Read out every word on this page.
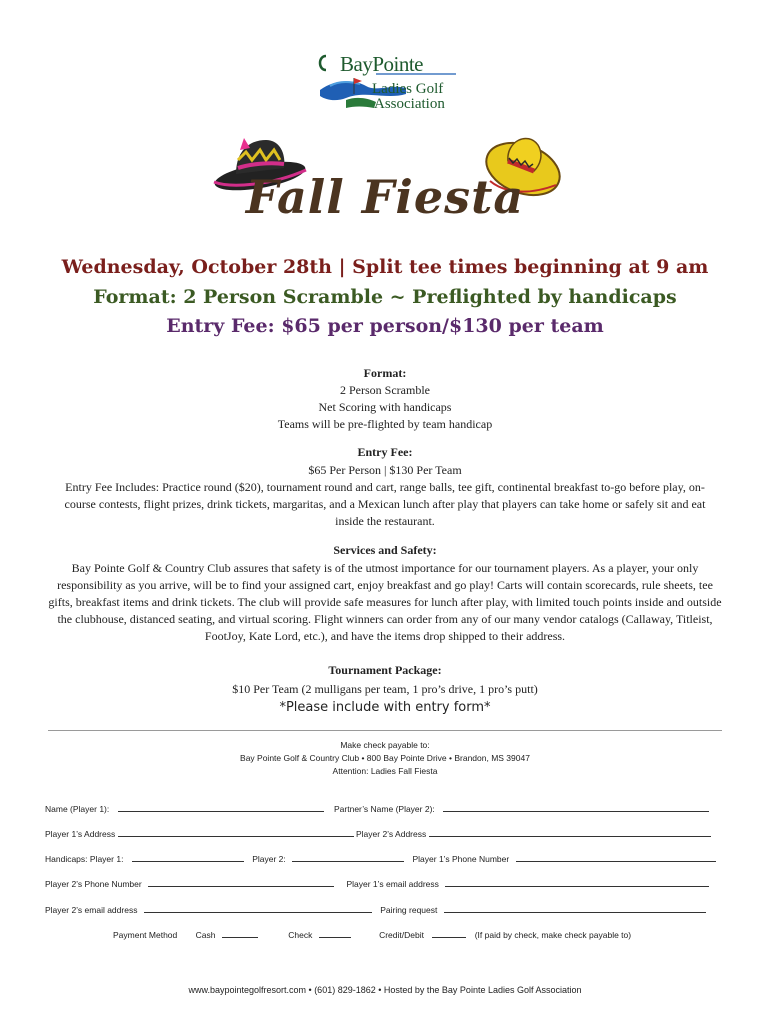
BayPointe
Ladies Golf
Association
Fall Fiesta
Wednesday, October 28th | Split tee times beginning at 9 am
Format: 2 Person Scramble ~ Preflighted by handicaps
Entry Fee: $65 per person/$130 per team
Format:
2 Person Scramble
Net Scoring with handicaps
Teams will be pre-flighted by team handicap
Entry Fee:
$65 Per Person | $130 Per Team
Entry Fee Includes: Practice round ($20), tournament round and cart, range balls, tee gift, continental breakfast to-go before play, on-course contests, flight prizes, drink tickets, margaritas, and a Mexican lunch after play that players can take home or safely sit and eat inside the restaurant.
Services and Safety:
Bay Pointe Golf & Country Club assures that safety is of the utmost importance for our tournament players. As a player, your only responsibility as you arrive, will be to find your assigned cart, enjoy breakfast and go play! Carts will contain scorecards, rule sheets, tee gifts, breakfast items and drink tickets. The club will provide safe measures for lunch after play, with limited touch points inside and outside the clubhouse, distanced seating, and virtual scoring. Flight winners can order from any of our many vendor catalogs (Callaway, Titleist, FootJoy, Kate Lord, etc.), and have the items drop shipped to their address.
Tournament Package:
$10 Per Team (2 mulligans per team, 1 pro’s drive, 1 pro’s putt)
*Please include with entry form*
Make check payable to:
Bay Pointe Golf & Country Club • 800 Bay Pointe Drive • Brandon, MS 39047
Attention: Ladies Fall Fiesta
Name (Player 1):	Partner’s Name (Player 2):
Player 1’s Address	Player 2’s Address
Handicaps: Player 1:	Player 2:	Player 1’s Phone Number
Player 2’s Phone Number	Player 1’s email address
Player 2’s email address	Pairing request
Payment Method Cash	Check	Credit/Debit	(If paid by check, make check payable to)
www.baypointegolfresort.com • (601) 829-1862 • Hosted by the Bay Pointe Ladies Golf Association
